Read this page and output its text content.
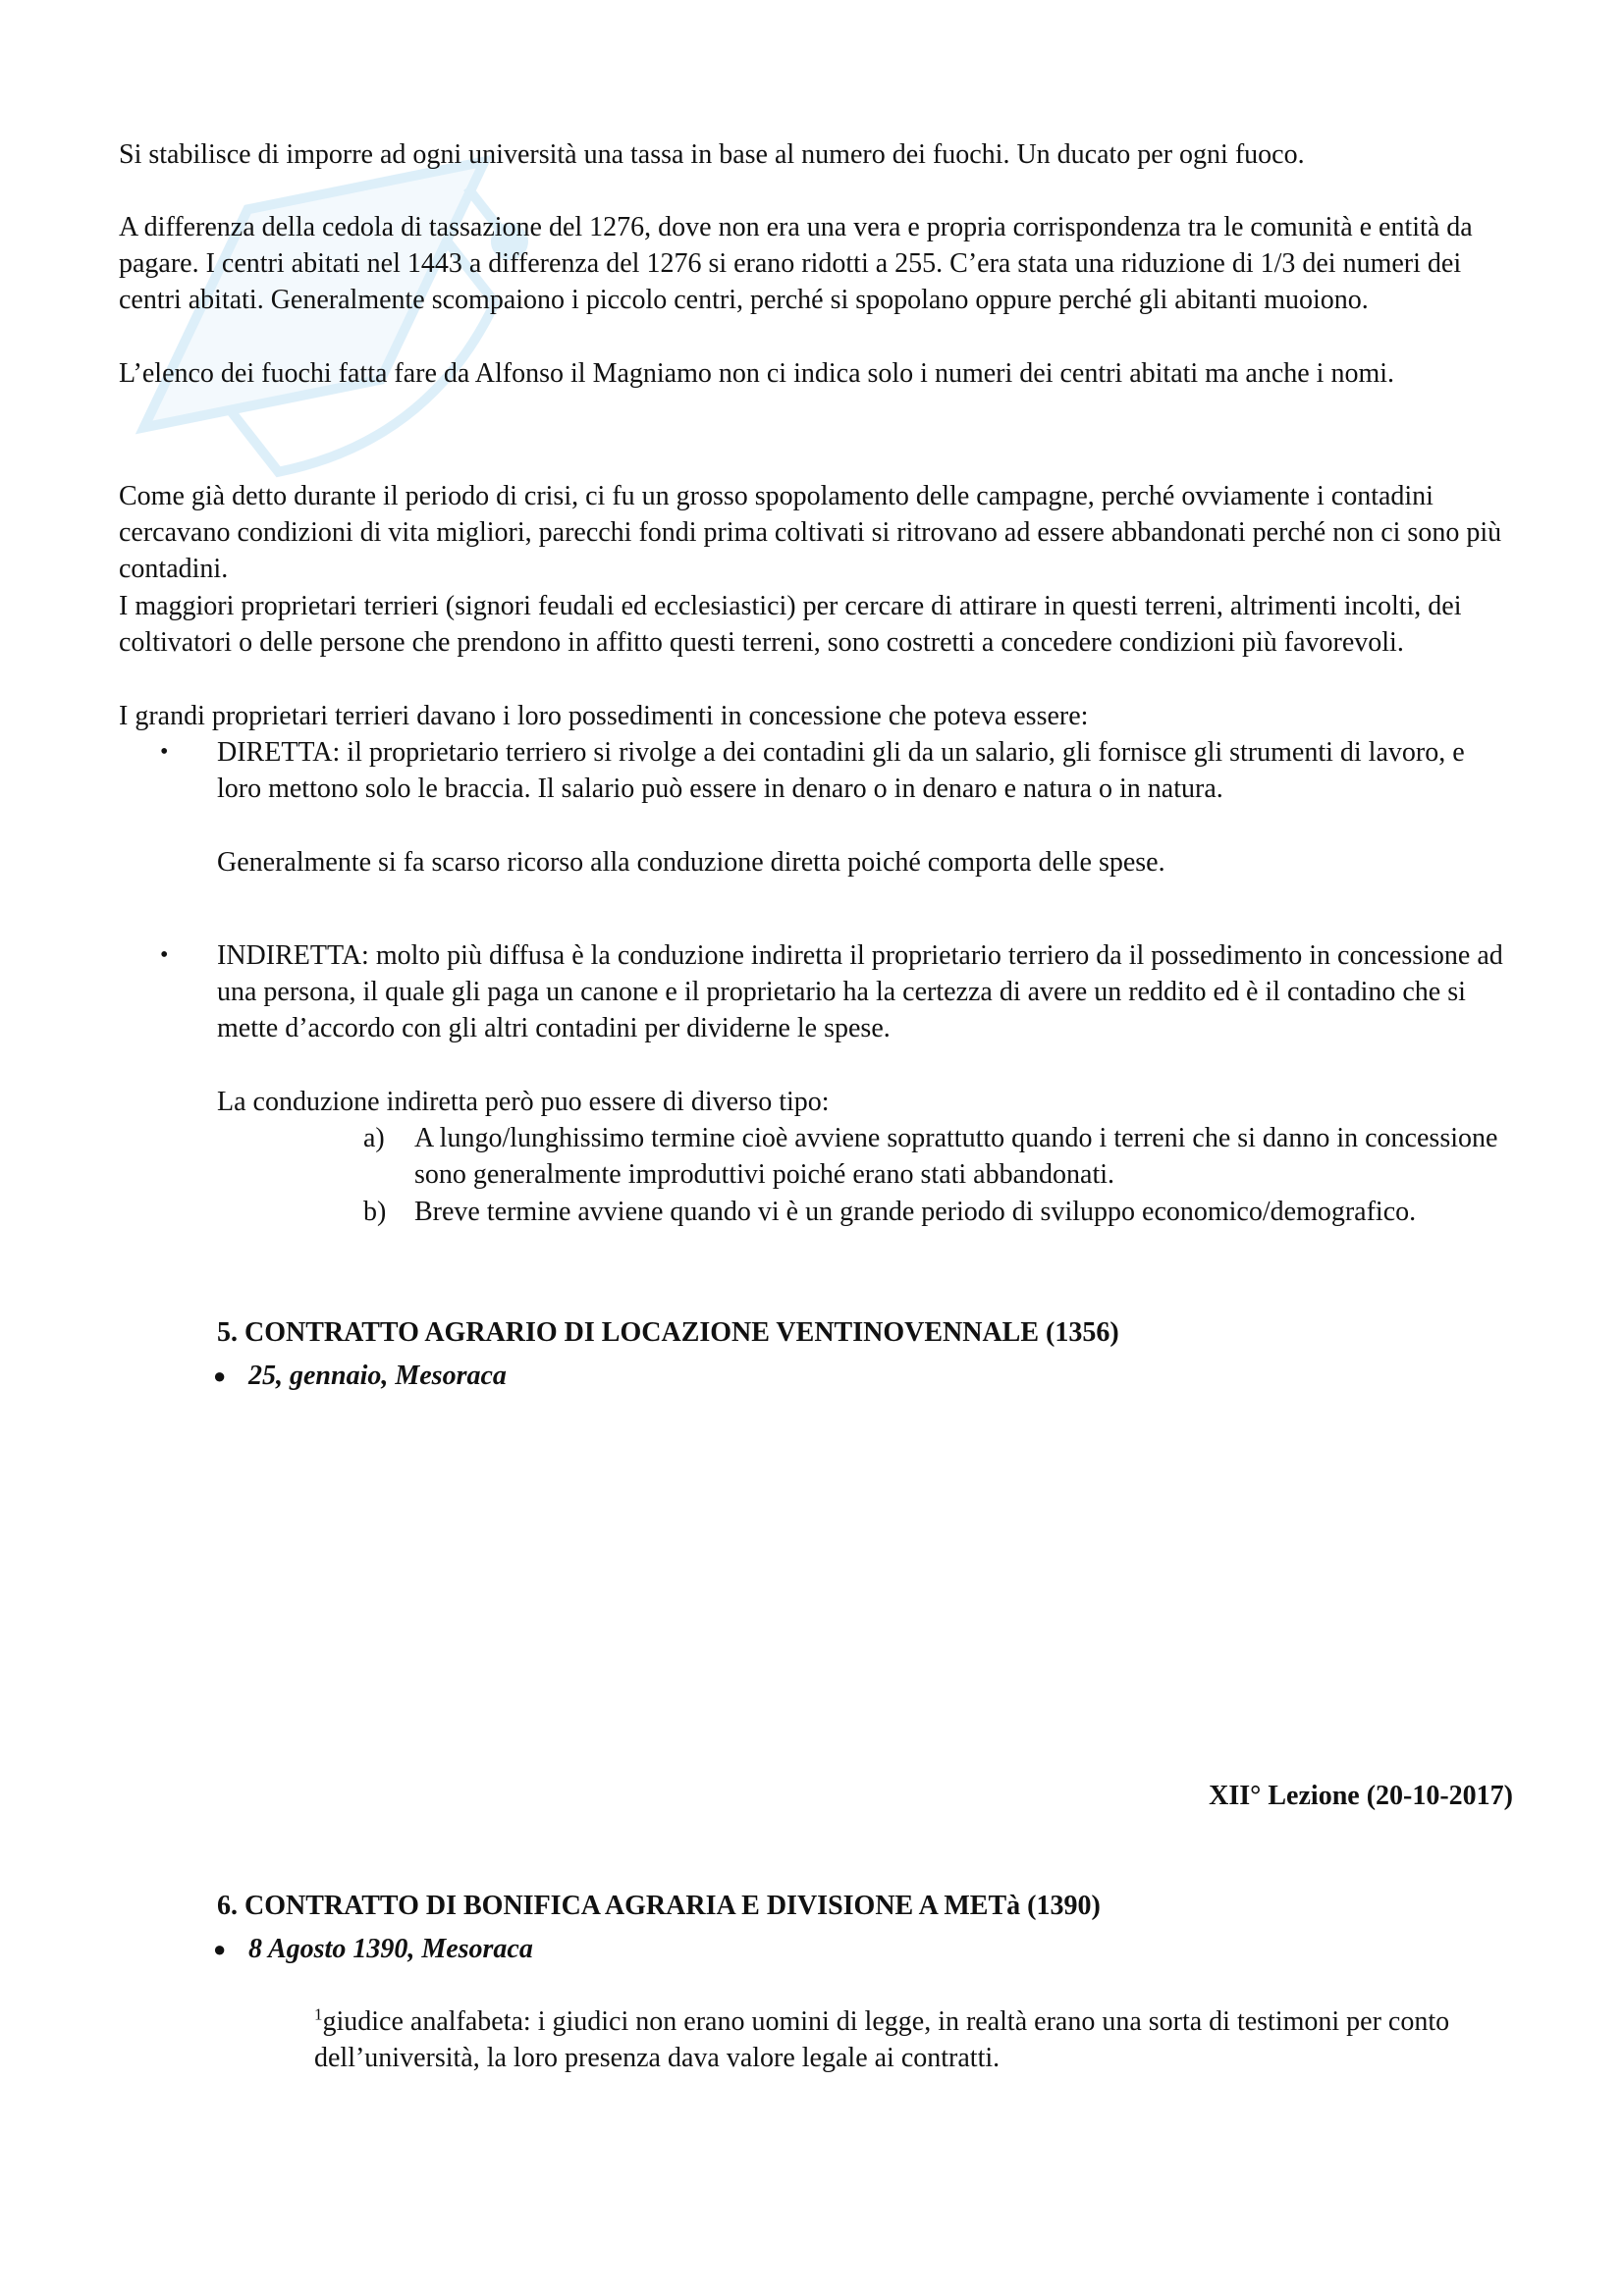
Si stabilisce di imporre ad ogni università una tassa in base al numero dei fuochi. Un ducato per ogni fuoco.

A differenza della cedola di tassazione del 1276, dove non era una vera e propria corrispondenza tra le comunità e entità da pagare. I centri abitati nel 1443 a differenza del 1276 si erano ridotti a 255. C’era stata una riduzione di 1/3 dei numeri dei centri abitati. Generalmente scompaiono i piccolo centri, perché si spopolano oppure perché gli abitanti muoiono.

L’elenco dei fuochi fatta fare da Alfonso il Magniamo non ci indica solo i numeri dei centri abitati ma anche i nomi.

Come già detto durante il periodo di crisi, ci fu un grosso spopolamento delle campagne, perché ovviamente i contadini cercavano condizioni di vita migliori, parecchi fondi prima coltivati si ritrovano ad essere abbandonati perché non ci sono più contadini.

I maggiori proprietari terrieri (signori feudali ed ecclesiastici) per cercare di attirare in questi terreni, altrimenti incolti, dei coltivatori o delle persone che prendono in affitto questi terreni, sono costretti a concedere condizioni più favorevoli.

I grandi proprietari terrieri davano i loro possedimenti in concessione che poteva essere:

•	DIRETTA: il proprietario terriero si rivolge a dei contadini gli da un salario, gli fornisce gli strumenti di lavoro, e loro mettono solo le braccia. Il salario può essere in denaro o in denaro e natura o in natura.
Generalmente si fa scarso ricorso alla conduzione diretta poiché comporta delle spese.
•	INDIRETTA: molto più diffusa è la conduzione indiretta il proprietario terriero da il possedimento in concessione ad una persona, il quale gli paga un canone e il proprietario ha la certezza di avere un reddito ed è il contadino che si mette d’accordo con gli altri contadini per dividerne le spese.
La conduzione indiretta però puo essere di diverso tipo:
a)	A lungo/lunghissimo termine cioè avviene soprattutto quando i terreni che si danno in concessione sono generalmente improduttivi poiché erano stati abbandonati.
b)	Breve termine avviene quando vi è un grande periodo di sviluppo economico/demografico.
5. CONTRATTO AGRARIO DI LOCAZIONE VENTINOVENNALE (1356)
● 25, gennaio, Mesoraca
XII° Lezione (20-10-2017)
6. CONTRATTO DI BONIFICA AGRARIA E DIVISIONE A METà (1390)
● 8 Agosto 1390, Mesoraca
$^1$giudice analfabeta: i giudici non erano uomini di legge, in realtà erano una sorta di testimoni per conto dell’università, la loro presenza dava valore legale ai contratti.
